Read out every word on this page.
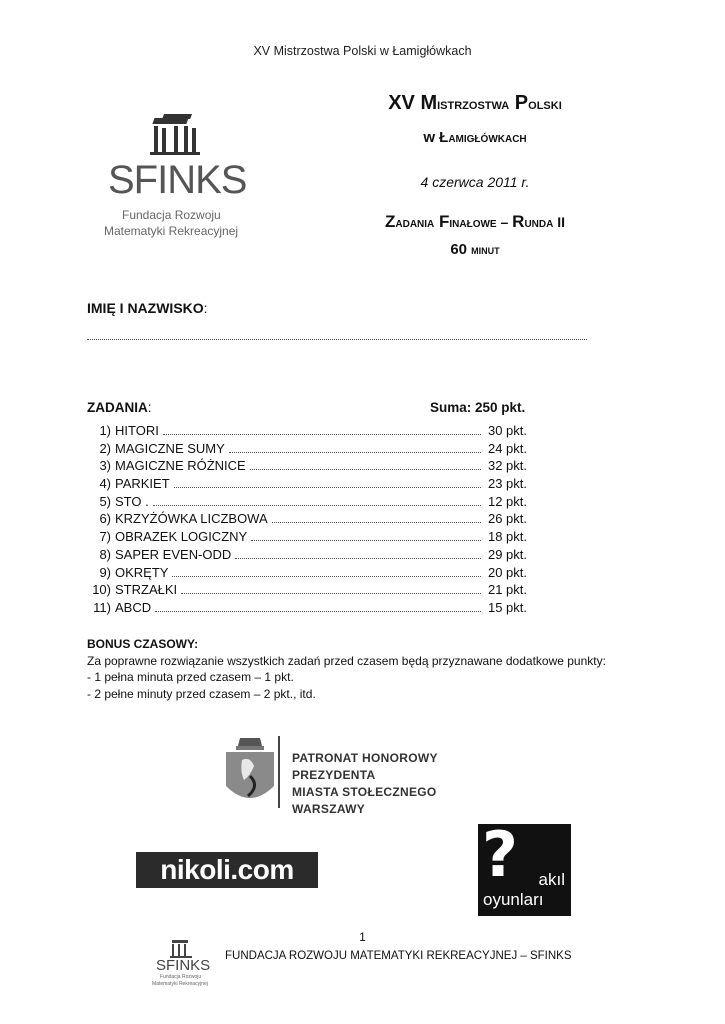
XV Mistrzostwa Polski w Łamigłówkach
SFINKS
Fundacja Rozwoju
Matematyki Rekreacyjnej
XV Mistrzostwa Polski
w Łamigłówkach
4 czerwca 2011 r.
Zadania Finałowe – Runda II
60 minut
IMIĘ I NAZWISKO:
ZADANIA:	Suma: 250 pkt.
1) HITORI	30 pkt.
2) MAGICZNE SUMY	24 pkt.
3) MAGICZNE RÓŻNICE	32 pkt.
4) PARKIET	23 pkt.
5) STO .	12 pkt.
6) KRZYŻÓWKA LICZBOWA	26 pkt.
7) OBRAZEK LOGICZNY	18 pkt.
8) SAPER EVEN-ODD	29 pkt.
9) OKRĘTY	20 pkt.
10) STRZAŁKI	21 pkt.
11) ABCD	15 pkt.
BONUS CZASOWY:
Za poprawne rozwiązanie wszystkich zadań przed czasem będą przyznawane dodatkowe punkty:
- 1 pełna minuta przed czasem – 1 pkt.
- 2 pełne minuty przed czasem – 2 pkt., itd.
PATRONAT HONOROWY PREZYDENTA
MIASTA STOŁECZNEGO WARSZAWY
nikoli.com	? akıl
oyunları
1
SFINKS
Fundacja Rozwoju
Matematyki Rekreacyjnej
FUNDACJA ROZWOJU MATEMATYKI REKREACYJNEJ – SFINKS
